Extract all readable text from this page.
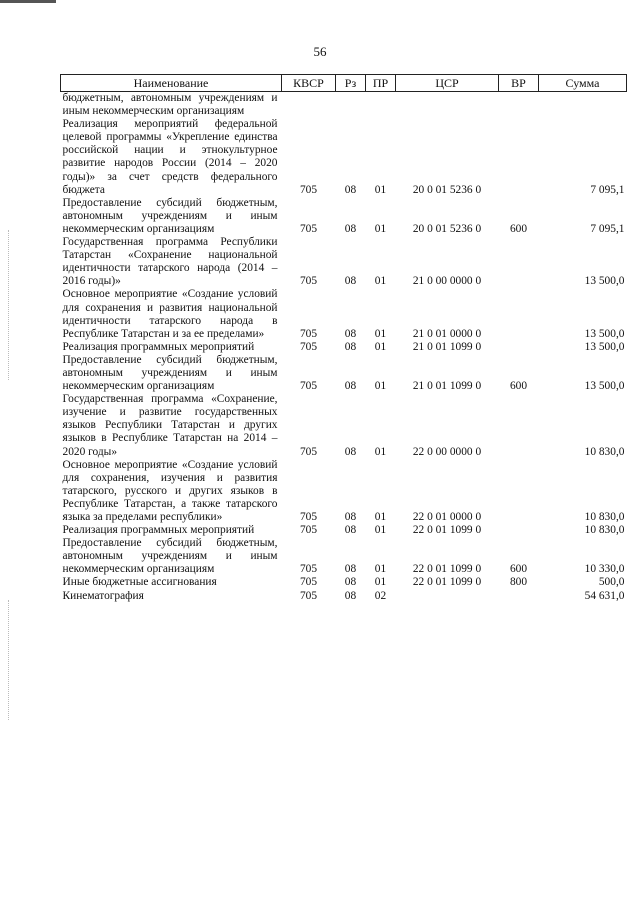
56
Наименование	КВСР	Рз	ПР	ЦСР	ВР	Сумма
бюджетным, автономным учреждениям и иным некоммерческим организациям						
Реализация мероприятий федеральной целевой программы «Укрепление единства российской нации и этнокультурное развитие народов России (2014 – 2020 годы)» за счет средств федерального бюджета	705	08	01	20 0 01 5236 0		7 095,1
Предоставление субсидий бюджетным, автономным учреждениям и иным некоммерческим организациям	705	08	01	20 0 01 5236 0	600	7 095,1
Государственная программа Республики Татарстан «Сохранение национальной идентичности татарского народа (2014 – 2016 годы)»	705	08	01	21 0 00 0000 0		13 500,0
Основное мероприятие «Создание условий для сохранения и развития национальной идентичности татарского народа в Республике Татарстан и за ее пределами»	705	08	01	21 0 01 0000 0		13 500,0
Реализация программных мероприятий	705	08	01	21 0 01 1099 0		13 500,0
Предоставление субсидий бюджетным, автономным учреждениям и иным некоммерческим организациям	705	08	01	21 0 01 1099 0	600	13 500,0
Государственная программа «Сохранение, изучение и развитие государственных языков Республики Татарстан и других языков в Республике Татарстан на 2014 – 2020 годы»	705	08	01	22 0 00 0000 0		10 830,0
Основное мероприятие «Создание условий для сохранения, изучения и развития татарского, русского и других языков в Республике Татарстан, а также татарского языка за пределами республики»	705	08	01	22 0 01 0000 0		10 830,0
Реализация программных мероприятий	705	08	01	22 0 01 1099 0		10 830,0
Предоставление субсидий бюджетным, автономным учреждениям и иным некоммерческим организациям	705	08	01	22 0 01 1099 0	600	10 330,0
Иные бюджетные ассигнования	705	08	01	22 0 01 1099 0	800	500,0
Кинематография	705	08	02			54 631,0
